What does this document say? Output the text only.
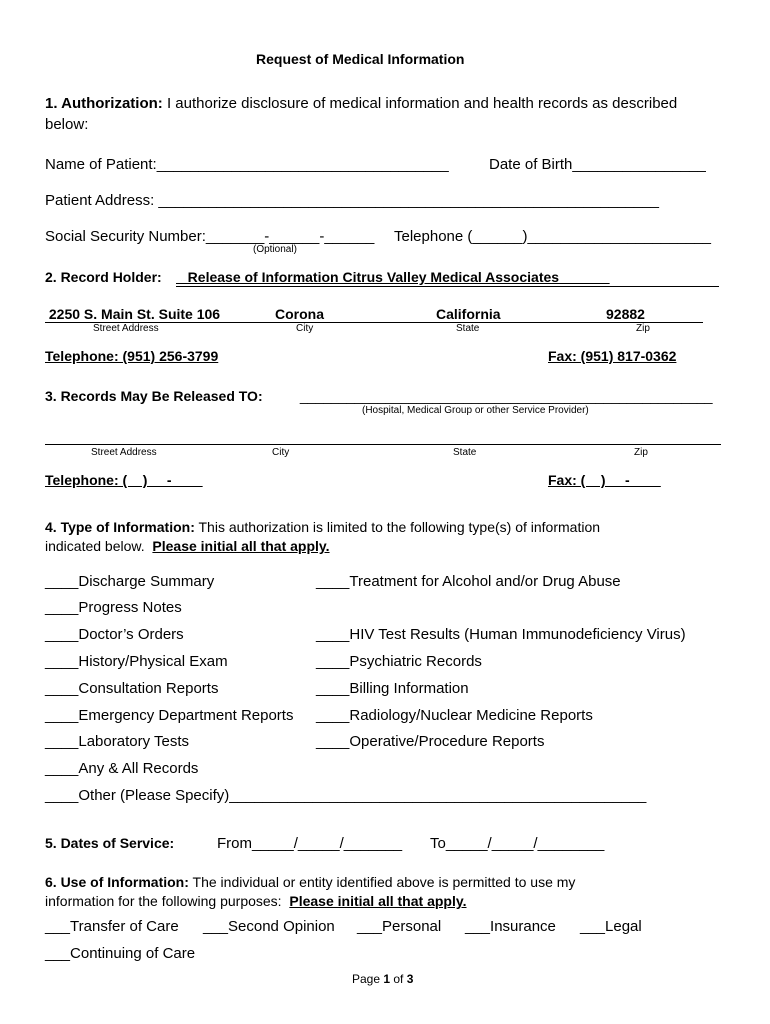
Request of Medical Information
1. Authorization: I authorize disclosure of medical information and health records as described
below:
Name of Patient:___________________________________	Date of Birth________________
Patient Address: ____________________________________________________________
Social Security Number:_______-______-______
(Optional)
Telephone (______)______________________
2. Record Holder: Release of Information Citrus Valley Medical Associates
2250 S. Main St. Suite 106	Corona	California	92882
Street Address	City	State	Zip
Telephone: (951) 256-3799	Fax: (951) 817-0362
3. Records May Be Released TO: _____________________________________________________
(Hospital, Medical Group or other Service Provider)
Street Address	City	State	Zip
Telephone: (    )     -	Fax: (    )     -
4. Type of Information: This authorization is limited to the following type(s) of information
indicated below.  Please initial all that apply.
____Discharge Summary	____Treatment for Alcohol and/or Drug Abuse
____Progress Notes
____Doctor’s Orders	____HIV Test Results (Human Immunodeficiency Virus)
____History/Physical Exam	____Psychiatric Records
____Consultation Reports	____Billing Information
____Emergency Department Reports ____Radiology/Nuclear Medicine Reports
____Laboratory Tests	____Operative/Procedure Reports
____Any & All Records
____Other (Please Specify)__________________________________________________
5. Dates of Service:	From_____/_____/_______ To_____/_____/________
6. Use of Information: The individual or entity identified above is permitted to use my
information for the following purposes:  Please initial all that apply.
___Transfer of Care ___Second Opinion ___Personal ___Insurance ___Legal
___Continuing of Care
Page 1 of 3
